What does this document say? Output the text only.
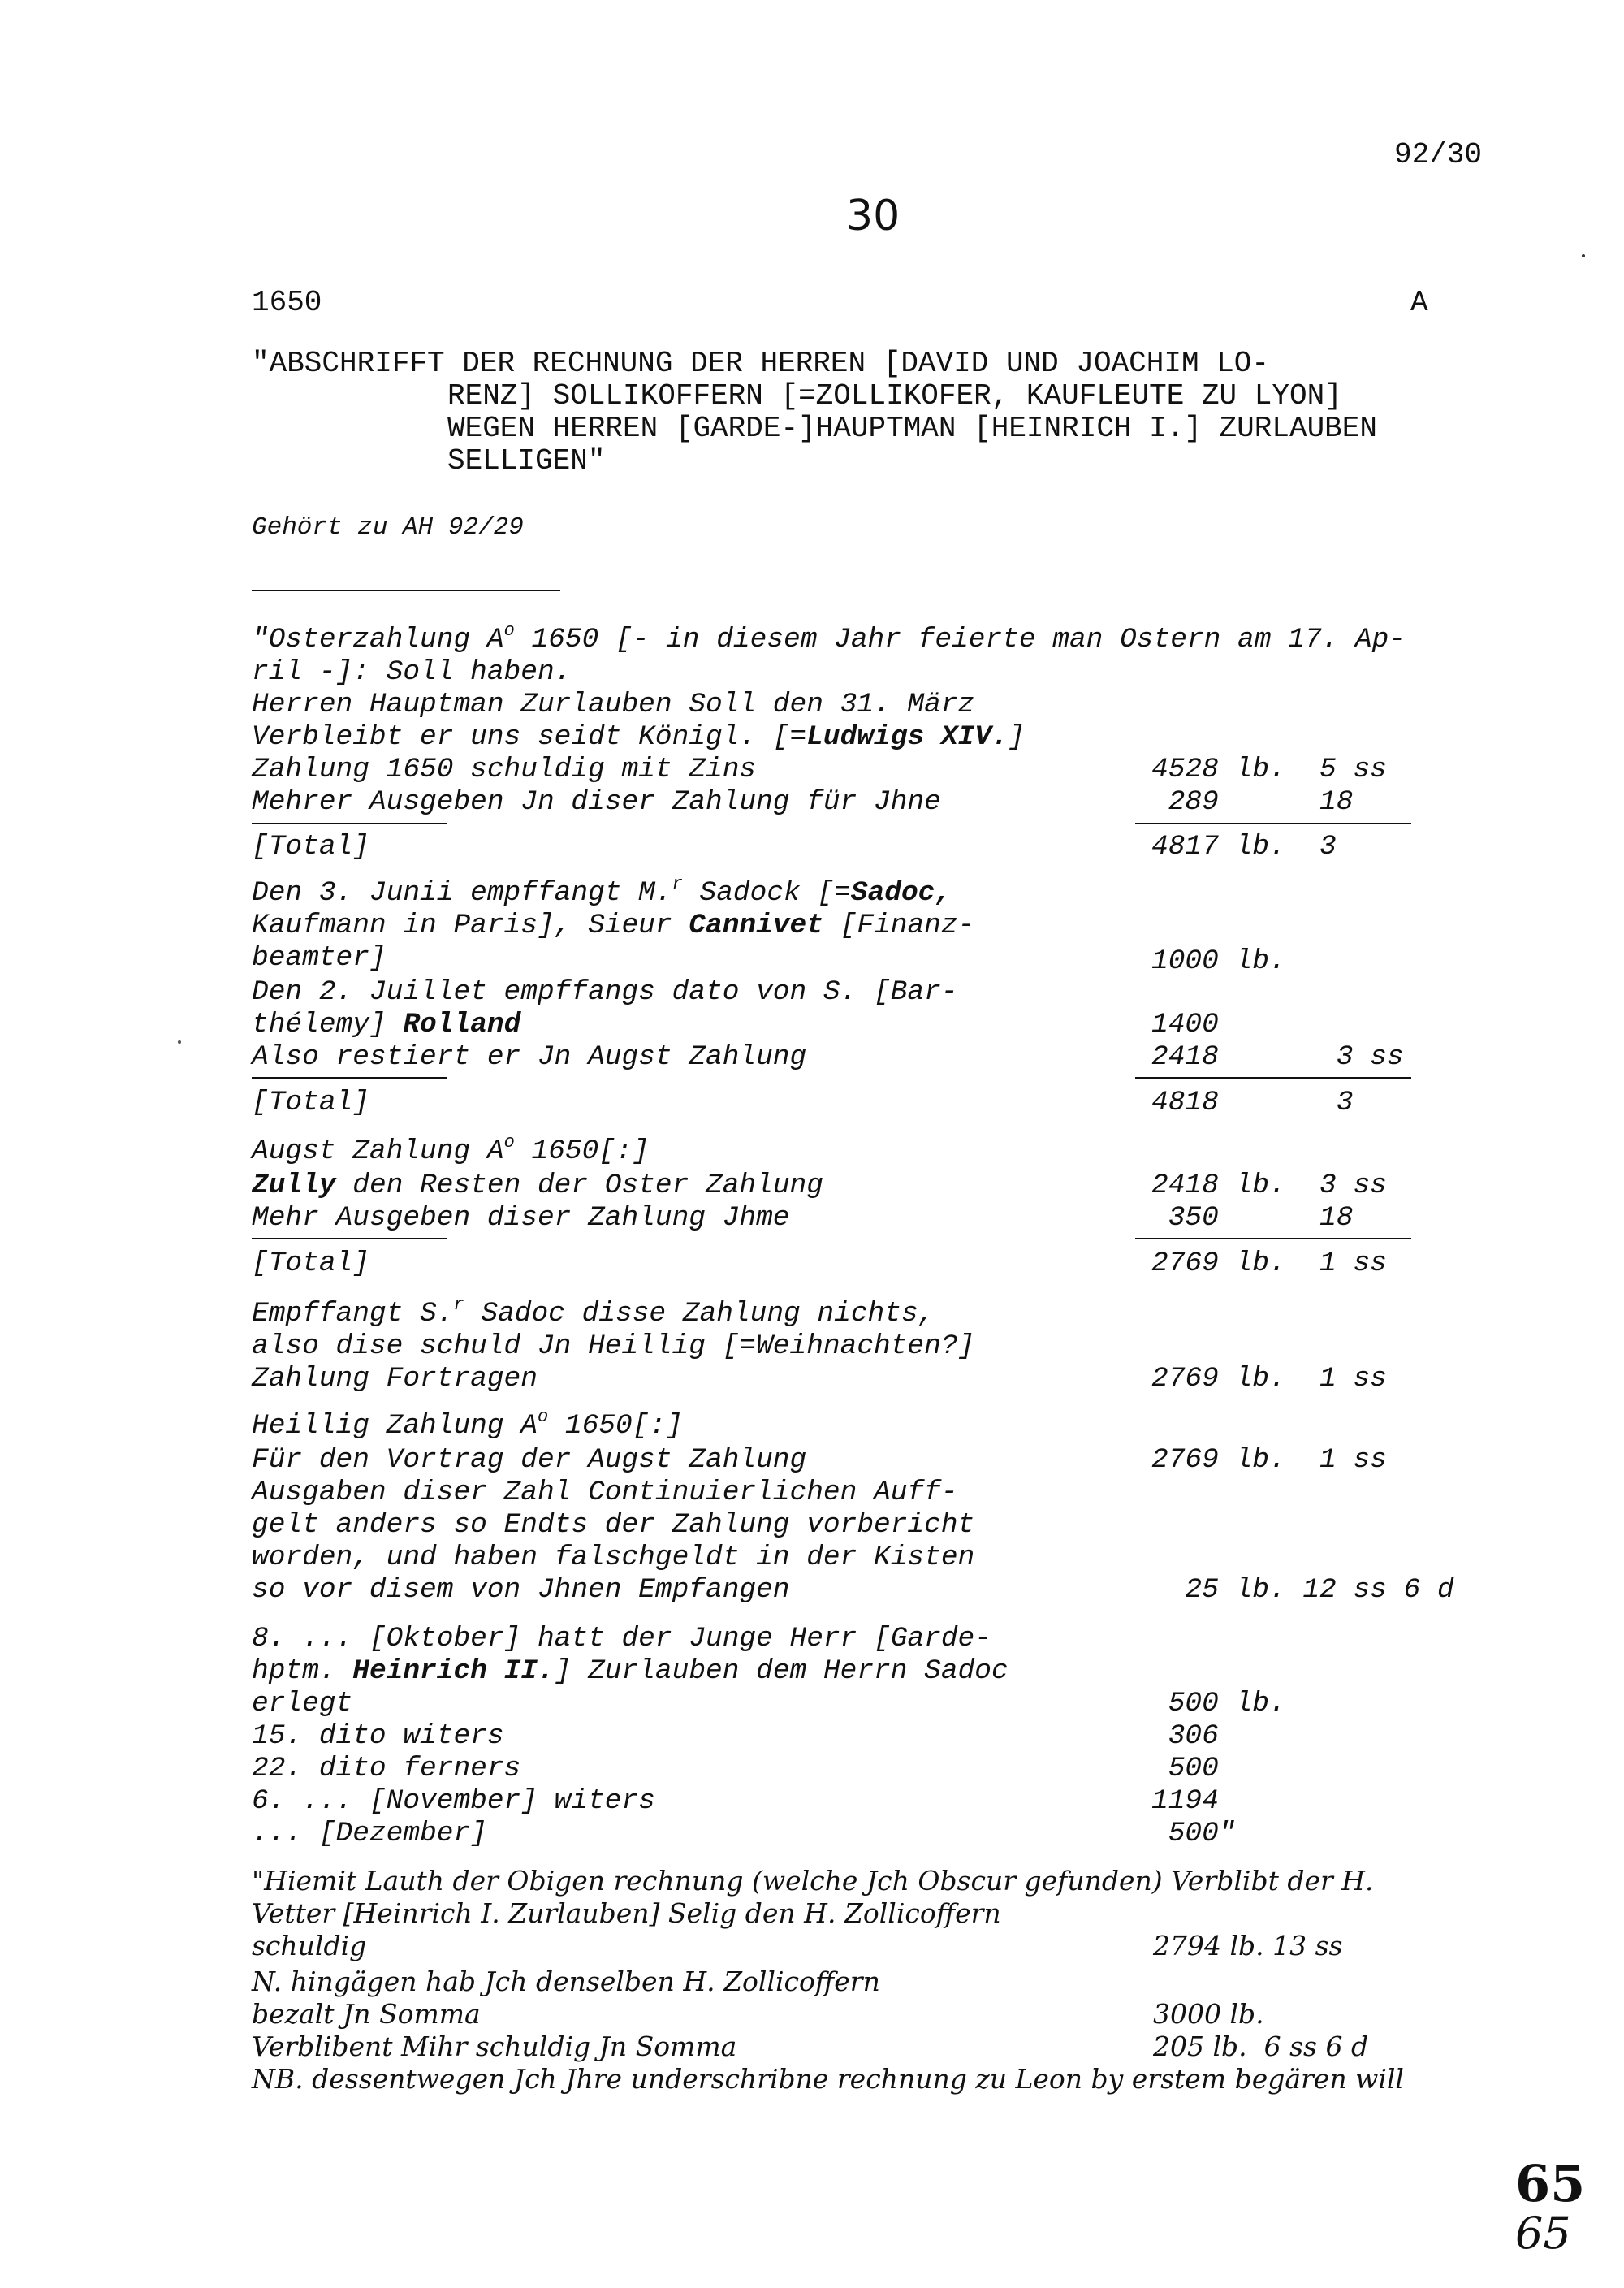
92/30
30
1650	A
"ABSCHRIFFT DER RECHNUNG DER HERREN [DAVID UND JOACHIM LO-
RENZ] SOLLIKOFFERN [=ZOLLIKOFER, KAUFLEUTE ZU LYON]
WEGEN HERREN [GARDE-]HAUPTMAN [HEINRICH I.] ZURLAUBEN
SELLIGEN"
Gehört zu AH 92/29
"Osterzahlung $A^o$ 1650 [- in diesem Jahr feierte man Ostern am 17. Ap-
ril -]: Soll haben.
Herren Hauptman Zurlauben Soll den 31. März
Verbleibt er uns seidt Königl. [=Ludwigs XIV.]
Zahlung 1650 schuldig mit Zins	4528 lb.  5 ss
Mehrer Ausgeben Jn diser Zahlung für Jhne	289      18
[Total]	4817 lb.  3
Den 3. Junii empffangt M.$^r$ Sadock [=Sadoc,
Kaufmann in Paris], Sieur Cannivet [Finanz-
beamter]	1000 lb.
Den 2. Juillet empffangs dato von S. [Bar-
thélemy] Rolland	1400
Also restiert er Jn Augst Zahlung	2418       3 ss
[Total]	4818       3
Augst Zahlung $A^o$ 1650[:]
Zully den Resten der Oster Zahlung	2418 lb.  3 ss
Mehr Ausgeben diser Zahlung Jhme	350      18
[Total]	2769 lb.  1 ss
Empffangt S.$^r$ Sadoc disse Zahlung nichts,
also dise schuld Jn Heillig [=Weihnachten?]
Zahlung Fortragen	2769 lb.  1 ss
Heillig Zahlung $A^o$ 1650[:]
Für den Vortrag der Augst Zahlung	2769 lb.  1 ss
Ausgaben diser Zahl Continuierlichen Auff-
gelt anders so Endts der Zahlung vorbericht
worden, und haben falschgeldt in der Kisten
so vor disem von Jhnen Empfangen	25 lb. 12 ss 6 d
8. ... [Oktober] hatt der Junge Herr [Garde-
hptm. Heinrich II.] Zurlauben dem Herrn Sadoc
erlegt	500 lb.
15. dito witers	306
22. dito ferners	500
6. ... [November] witers	1194
... [Dezember]	500"
"Hiemit Lauth der Obigen rechnung (welche Jch Obscur gefunden) Verblibt der H.
Vetter [Heinrich I. Zurlauben] Selig den H. Zollicoffern
schuldig	2794 lb. 13 ss
N. hingägen hab Jch denselben H. Zollicoffern
bezalt Jn Somma	3000 lb.
Verblibent Mihr schuldig Jn Somma	205 lb.  6 ss 6 d
NB. dessentwegen Jch Jhre underschribne rechnung zu Leon by erstem begären will
65
65
